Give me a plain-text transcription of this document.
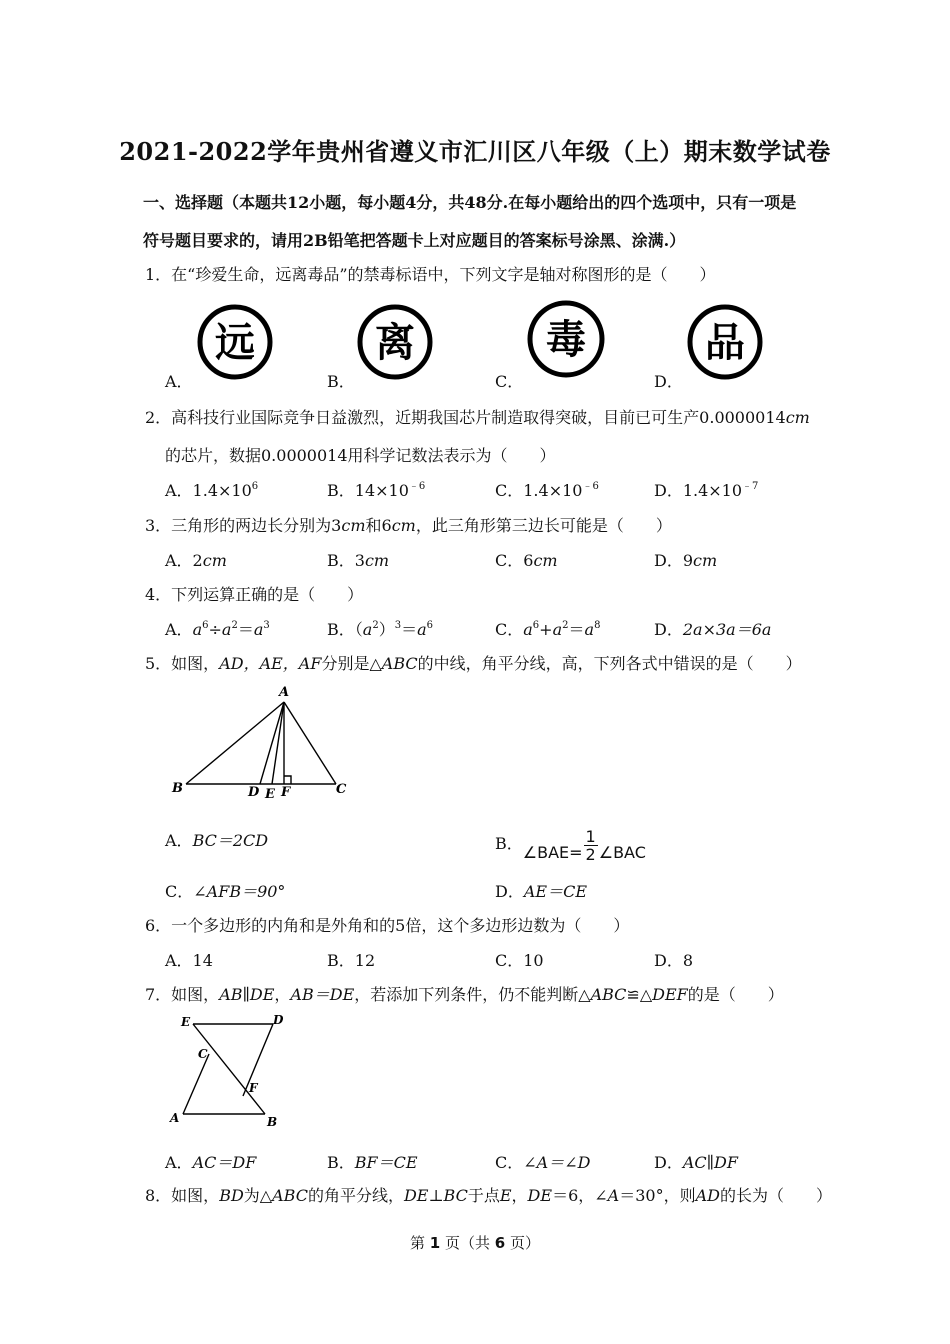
2021-2022学年贵州省遵义市汇川区八年级（上）期末数学试卷
一、选择题（本题共12小题，每小题4分，共48分.在每小题给出的四个选项中，只有一项是
符号题目要求的，请用2B铅笔把答题卡上对应题目的答案标号涂黑、涂满.）
1．在“珍爱生命，远离毒品”的禁毒标语中，下列文字是轴对称图形的是（　　）
A．	B．	C．	D．
远	离	毒	品
2．高科技行业国际竞争日益激烈，近期我国芯片制造取得突破，目前已可生产0.0000014cm
的芯片，数据0.0000014用科学记数法表示为（　　）
A．$1.4\times 10^6$	B．$14\times 10^{﹣6}$	C．$1.4\times 10^{﹣6}$	D．$1.4\times 10^{﹣7}$
3．三角形的两边长分别为3cm和6cm，此三角形第三边长可能是（　　）
A．2cm	B．3cm	C．6cm	D．9cm
4．下列运算正确的是（　　）
A．$a^6\div a^2=a^3$	B．$(a^2)^3=a^6$	C．$a^6+a^2=a^8$	D．2a×3a＝6a
5．如图，AD，AE，AF分别是△ABC的中线，角平分线，高，下列各式中错误的是（　　）
A
B	C
D E F
A．BC＝2CD	B．∠BAE= $\frac{1}{2}$ ∠BAC
C．∠AFB＝90°	D．AE＝CE
6．一个多边形的内角和是外角和的5倍，这个多边形边数为（　　）
A．14	B．12	C．10	D．8
7．如图，AB∥DE，AB＝DE，若添加下列条件，仍不能判断△ABC≌△DEF的是（　　）
E	D
C
F
A	B
A．AC＝DF	B．BF＝CE	C．∠A＝∠D	D．AC∥DF
8．如图，BD为△ABC的角平分线，DE⊥BC于点E，DE＝6，∠A＝30°，则AD的长为（　　）
第 1 页（共 6 页）
